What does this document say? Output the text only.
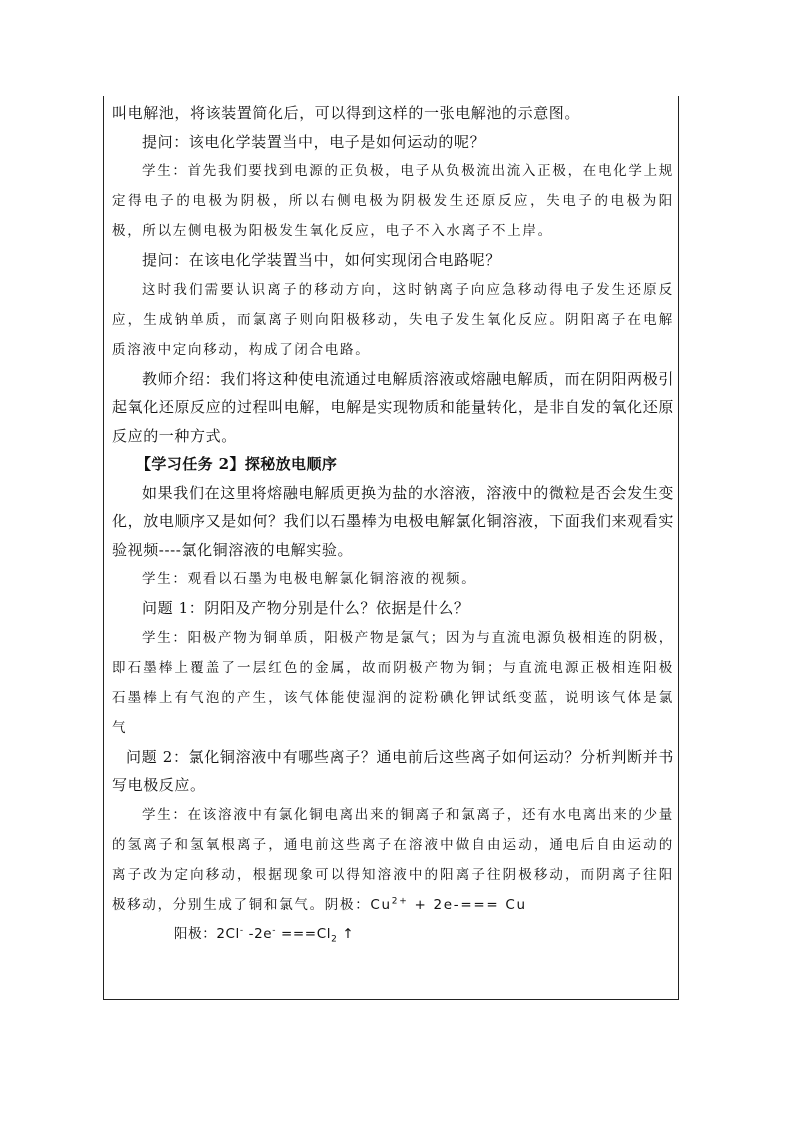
叫电解池，将该装置简化后，可以得到这样的一张电解池的示意图。

提问：该电化学装置当中，电子是如何运动的呢？

学生：首先我们要找到电源的正负极，电子从负极流出流入正极，在电化学上规定得电子的电极为阴极，所以右侧电极为阴极发生还原反应，失电子的电极为阳极，所以左侧电极为阳极发生氧化反应，电子不入水离子不上岸。

提问：在该电化学装置当中，如何实现闭合电路呢？

这时我们需要认识离子的移动方向，这时钠离子向应急移动得电子发生还原反应，生成钠单质，而氯离子则向阳极移动，失电子发生氧化反应。阴阳离子在电解质溶液中定向移动，构成了闭合电路。

教师介绍：我们将这种使电流通过电解质溶液或熔融电解质，而在阴阳两极引起氧化还原反应的过程叫电解，电解是实现物质和能量转化，是非自发的氧化还原反应的一种方式。

【学习任务 2】探秘放电顺序

如果我们在这里将熔融电解质更换为盐的水溶液，溶液中的微粒是否会发生变化，放电顺序又是如何？我们以石墨棒为电极电解氯化铜溶液，下面我们来观看实验视频----氯化铜溶液的电解实验。

学生：观看以石墨为电极电解氯化铜溶液的视频。

问题 1：阴阳及产物分别是什么？依据是什么？

学生：阳极产物为铜单质，阳极产物是氯气；因为与直流电源负极相连的阴极，即石墨棒上覆盖了一层红色的金属，故而阴极产物为铜；与直流电源正极相连阳极石墨棒上有气泡的产生，该气体能使湿润的淀粉碘化钾试纸变蓝，说明该气体是氯气

问题 2：氯化铜溶液中有哪些离子？通电前后这些离子如何运动？分析判断并书写电极反应。

学生：在该溶液中有氯化铜电离出来的铜离子和氯离子，还有水电离出来的少量的氢离子和氢氧根离子，通电前这些离子在溶液中做自由运动，通电后自由运动的离子改为定向移动，根据现象可以得知溶液中的阳离子往阴极移动，而阴离子往阳极移动，分别生成了铜和氯气。阴极：$Cu^{2+} + 2e-=== Cu$

阳极：2Cl- $-2e^- ===Cl_2$ ↑
